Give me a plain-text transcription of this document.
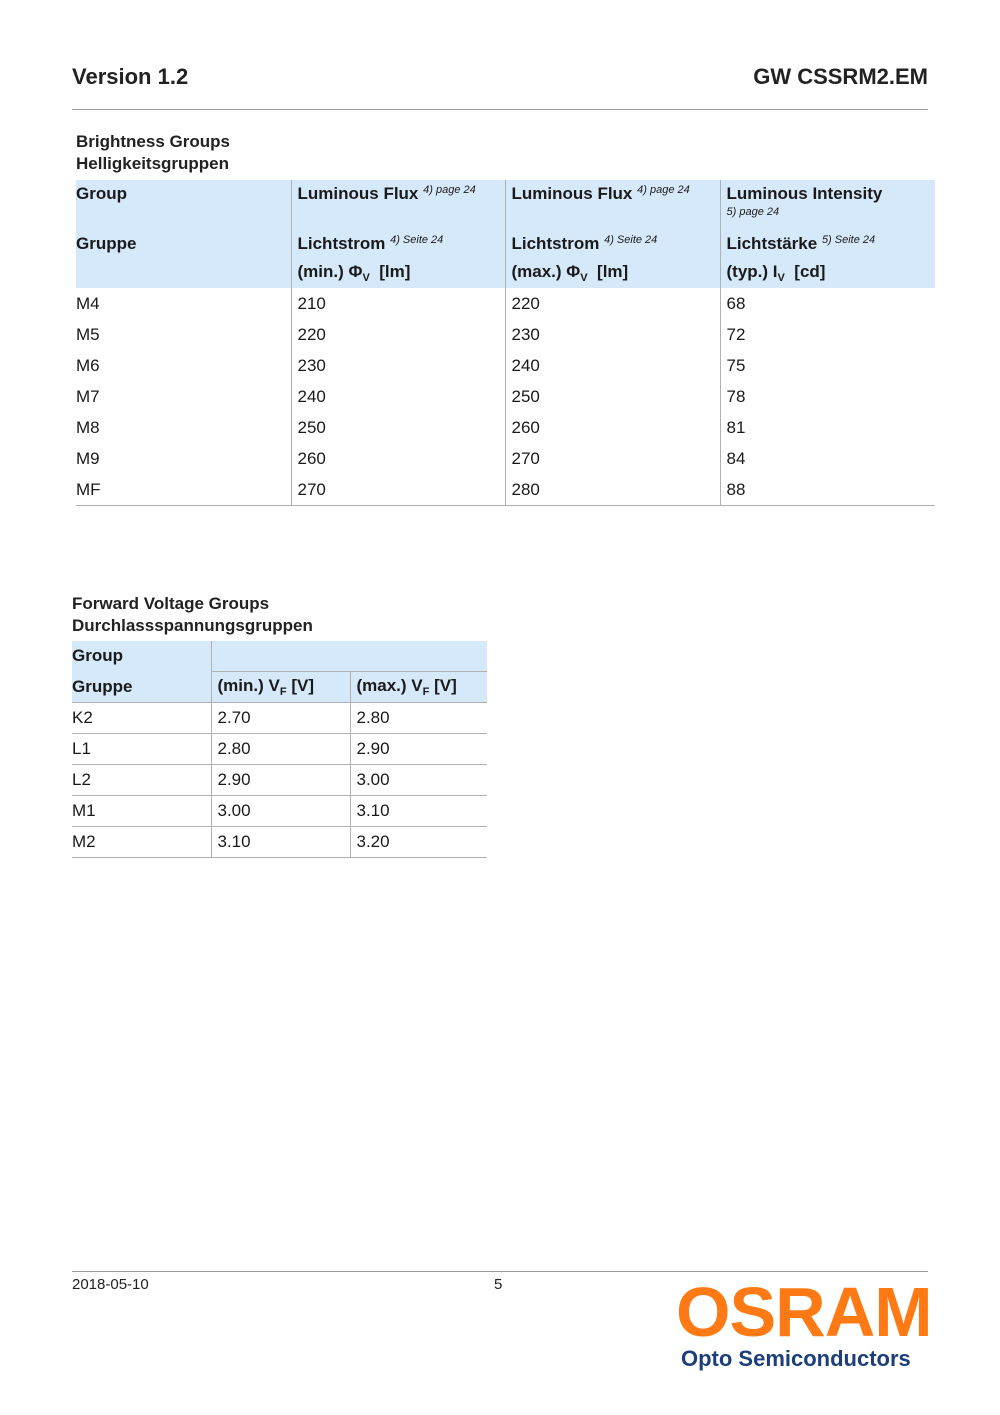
Version 1.2	GW CSSRM2.EM
Brightness Groups
Helligkeitsgruppen
Group	Luminous Flux $^{4) page 24}$	Luminous Flux $^{4) page 24}$	Luminous Intensity
5) page 24

Gruppe	Lichtstrom $^{4) Seite 24}$	Lichtstrom $^{4) Seite 24}$	Lichtstärke $^{5) Seite 24}$

	(min.) $\Phi_V$ [lm]	(max.) $\Phi_V$ [lm]	(typ.) $I_V$ [cd]

M4	210	220	68
M5	220	230	72
M6	230	240	75
M7	240	250	78
M8	250	260	81
M9	260	270	84
MF	270	280	88
Forward Voltage Groups
Durchlassspannungsgruppen
Group		
Gruppe	(min.) $V_F$ [V]	(max.) $V_F$ [V]
K2	2.70	2.80
L1	2.80	2.90
L2	2.90	3.00
M1	3.00	3.10
M2	3.10	3.20
2018-05-10	5 OSRAM
Opto Semiconductors
